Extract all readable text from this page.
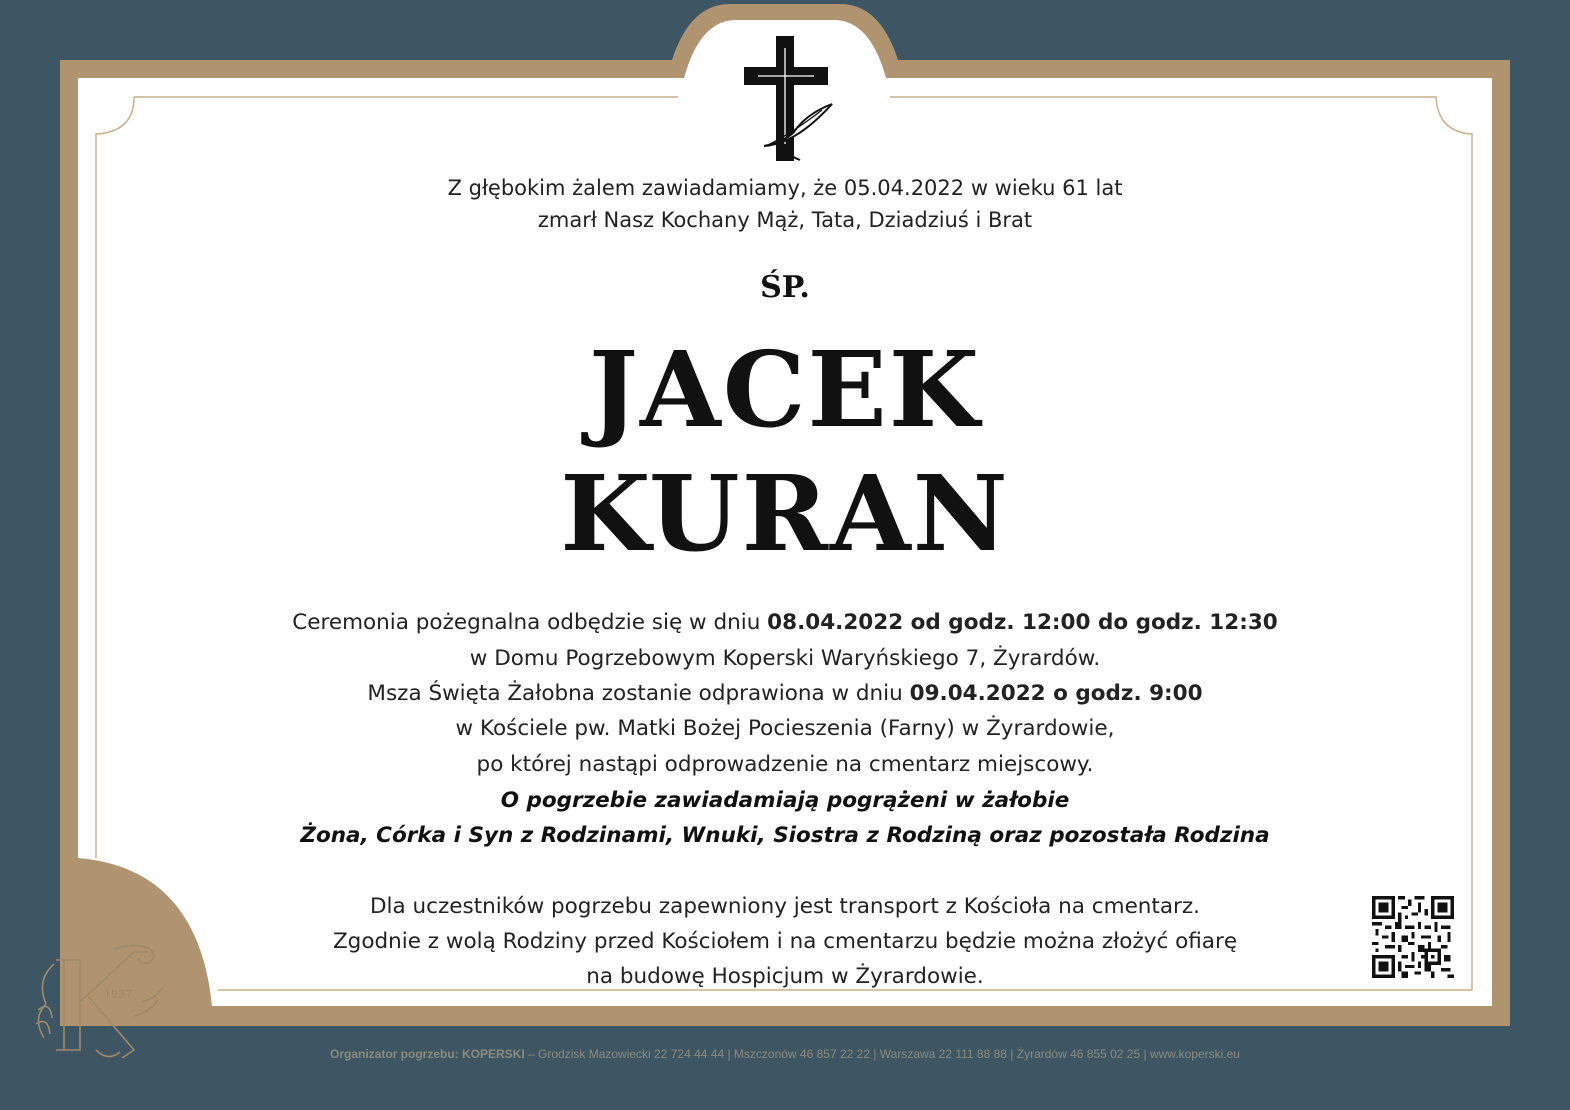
Z głębokim żalem zawiadamiamy, że 05.04.2022 w wieku 61 lat
zmarł Nasz Kochany Mąż, Tata, Dziadziuś i Brat
ŚP.
JACEK
KURAN
Ceremonia pożegnalna odbędzie się w dniu 08.04.2022 od godz. 12:00 do godz. 12:30
w Domu Pogrzebowym Koperski Waryńskiego 7, Żyrardów.
Msza Święta Żałobna zostanie odprawiona w dniu 09.04.2022 o godz. 9:00
w Kościele pw. Matki Bożej Pocieszenia (Farny) w Żyrardowie,
po której nastąpi odprowadzenie na cmentarz miejscowy.
O pogrzebie zawiadamiają pogrążeni w żałobie
Żona, Córka i Syn z Rodzinami, Wnuki, Siostra z Rodziną oraz pozostała Rodzina
Dla uczestników pogrzebu zapewniony jest transport z Kościoła na cmentarz.
Zgodnie z wolą Rodziny przed Kościołem i na cmentarzu będzie można złożyć ofiarę
na budowę Hospicjum w Żyrardowie.
1937
Organizator pogrzebu: KOPERSKI – Grodzisk Mazowiecki 22 724 44 44 | Mszczonów 46 857 22 22 | Warszawa 22 111 88 88 | Żyrardów 46 855 02 25 | www.koperski.eu
